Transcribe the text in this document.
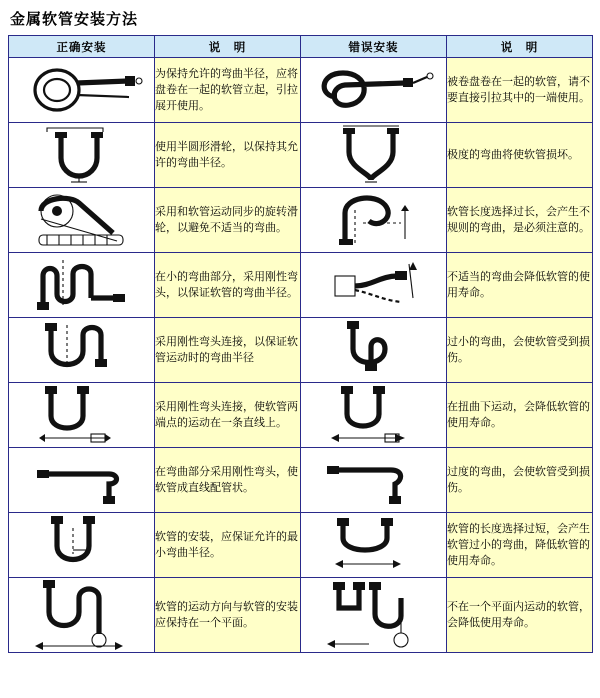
金属软管安装方法
正确安装	说　明	错误安装	说　明

	为保持允许的弯曲半径，应将盘卷在一起的软管立起，引拉展开使用。		被卷盘卷在一起的软管，请不要直接引拉其中的一端使用。

	使用半圆形滑轮，以保持其允许的弯曲半径。		极度的弯曲将使软管损坏。

	采用和软管运动同步的旋转滑轮，以避免不适当的弯曲。		软管长度选择过长，会产生不规则的弯曲，是必须注意的。

	在小的弯曲部分，采用刚性弯头，以保证软管的弯曲半径。		不适当的弯曲会降低软管的使用寿命。

	采用刚性弯头连接，以保证软管运动时的弯曲半径		过小的弯曲，会使软管受到损伤。

	采用刚性弯头连接，使软管两端点的运动在一条直线上。		在扭曲下运动，会降低软管的使用寿命。

	在弯曲部分采用刚性弯头，使软管成直线配管状。		过度的弯曲，会使软管受到损伤。

	软管的安装，应保证允许的最小弯曲半径。		软管的长度选择过短，会产生软管过小的弯曲，降低软管的使用寿命。

	软管的运动方向与软管的安装应保持在一个平面。		不在一个平面内运动的软管，会降低使用寿命。
